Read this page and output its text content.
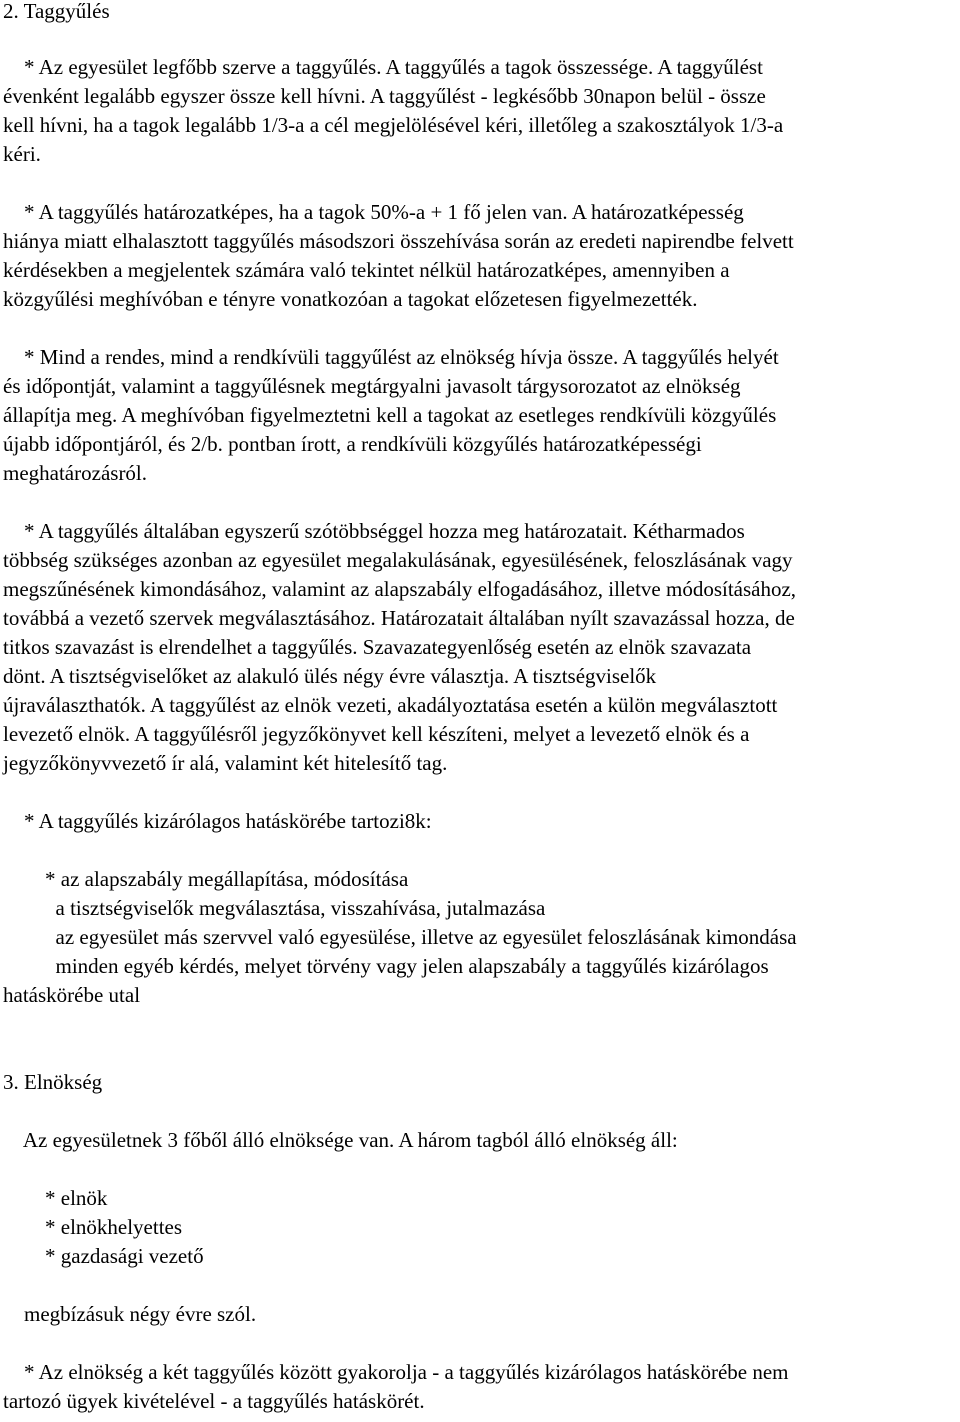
2. Taggyűlés
* Az egyesület legfőbb szerve a taggyűlés. A taggyűlés a tagok összessége. A taggyűlést
évenként legalább egyszer össze kell hívni. A taggyűlést - legkésőbb 30napon belül - össze
kell hívni, ha a tagok legalább 1/3-a a cél megjelölésével kéri, illetőleg a szakosztályok 1/3-a
kéri.
* A taggyűlés határozatképes, ha a tagok 50%-a + 1 fő jelen van. A határozatképesség
hiánya miatt elhalasztott taggyűlés másodszori összehívása során az eredeti napirendbe felvett
kérdésekben a megjelentek számára való tekintet nélkül határozatképes, amennyiben a
közgyűlési meghívóban e tényre vonatkozóan a tagokat előzetesen figyelmezették.
* Mind a rendes, mind a rendkívüli taggyűlést az elnökség hívja össze. A taggyűlés helyét
és időpontját, valamint a taggyűlésnek megtárgyalni javasolt tárgysorozatot az elnökség
állapítja meg. A meghívóban figyelmeztetni kell a tagokat az esetleges rendkívüli közgyűlés
újabb időpontjáról, és 2/b. pontban írott, a rendkívüli közgyűlés határozatképességi
meghatározásról.
* A taggyűlés általában egyszerű szótöbbséggel hozza meg határozatait. Kétharmados
többség szükséges azonban az egyesület megalakulásának, egyesülésének, feloszlásának vagy
megszűnésének kimondásához, valamint az alapszabály elfogadásához, illetve módosításához,
továbbá a vezető szervek megválasztásához. Határozatait általában nyílt szavazással hozza, de
titkos szavazást is elrendelhet a taggyűlés. Szavazategyenlőség esetén az elnök szavazata
dönt. A tisztségviselőket az alakuló ülés négy évre választja. A tisztségviselők
újraválaszthatók. A taggyűlést az elnök vezeti, akadályoztatása esetén a külön megválasztott
levezető elnök. A taggyűlésről jegyzőkönyvet kell készíteni, melyet a levezető elnök és a
jegyzőkönyvvezető ír alá, valamint két hitelesítő tag.
* A taggyűlés kizárólagos hatáskörébe tartozi8k:
* az alapszabály megállapítása, módosítása
a tisztségviselők megválasztása, visszahívása, jutalmazása
az egyesület más szervvel való egyesülése, illetve az egyesület feloszlásának kimondása
minden egyéb kérdés, melyet törvény vagy jelen alapszabály a taggyűlés kizárólagos
hatáskörébe utal
3. Elnökség
Az egyesületnek 3 főből álló elnöksége van. A három tagból álló elnökség áll:
* elnök
* elnökhelyettes
* gazdasági vezető
megbízásuk négy évre szól.
* Az elnökség a két taggyűlés között gyakorolja - a taggyűlés kizárólagos hatáskörébe nem
tartozó ügyek kivételével - a taggyűlés hatáskörét.
